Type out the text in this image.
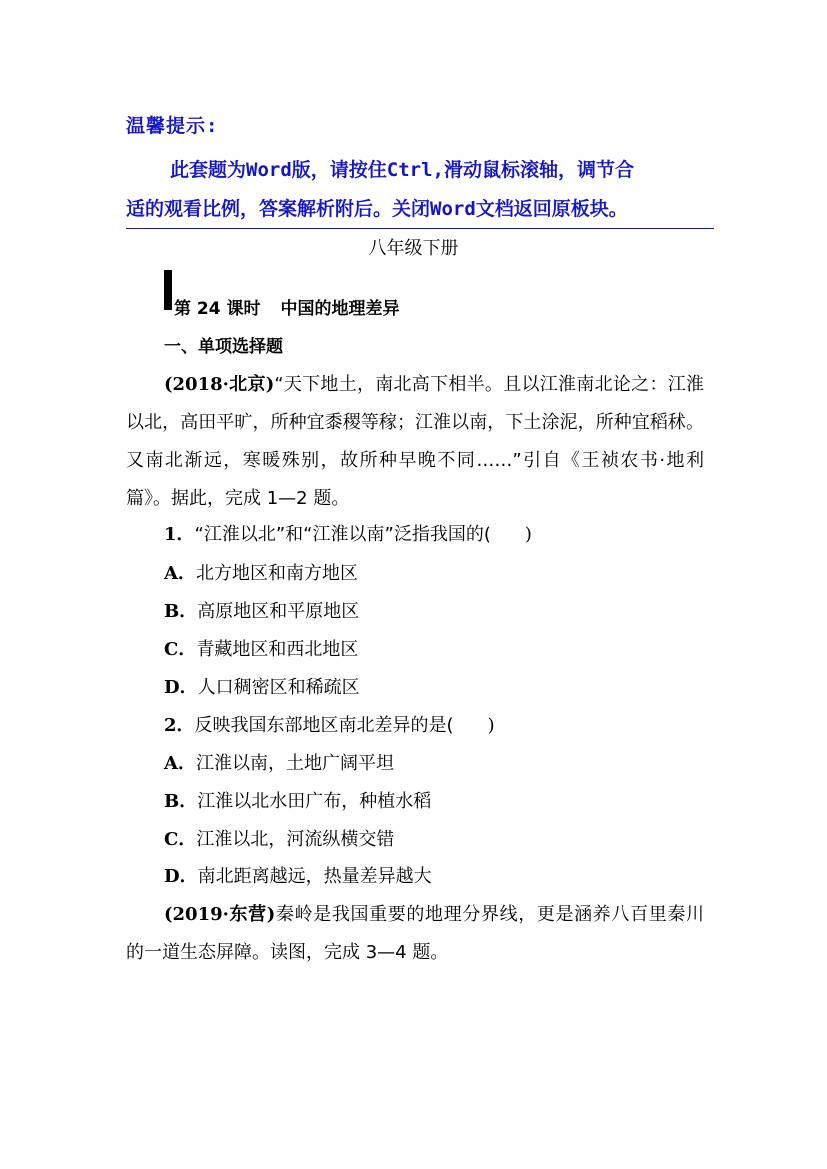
温馨提示:
此套题为Word版，请按住Ctrl,滑动鼠标滚轴，调节合
适的观看比例，答案解析附后。关闭Word文档返回原板块。
八年级下册
第 24 课时 中国的地理差异
一、单项选择题
(2018·北京)“天下地土，南北高下相半。且以江淮南北论之：江淮以北，高田平旷，所种宜黍稷等稼；江淮以南，下土涂泥，所种宜稻秫。又南北渐远，寒暖殊别，故所种早晚不同……”引自《王祯农书·地利篇》。据此，完成 1—2 题。
1．“江淮以北”和“江淮以南”泛指我国的( )
A．北方地区和南方地区
B．高原地区和平原地区
C．青藏地区和西北地区
D．人口稠密区和稀疏区
2．反映我国东部地区南北差异的是( )
A．江淮以南，土地广阔平坦
B．江淮以北水田广布，种植水稻
C．江淮以北，河流纵横交错
D．南北距离越远，热量差异越大
(2019·东营)秦岭是我国重要的地理分界线，更是涵养八百里秦川的一道生态屏障。读图，完成 3—4 题。
